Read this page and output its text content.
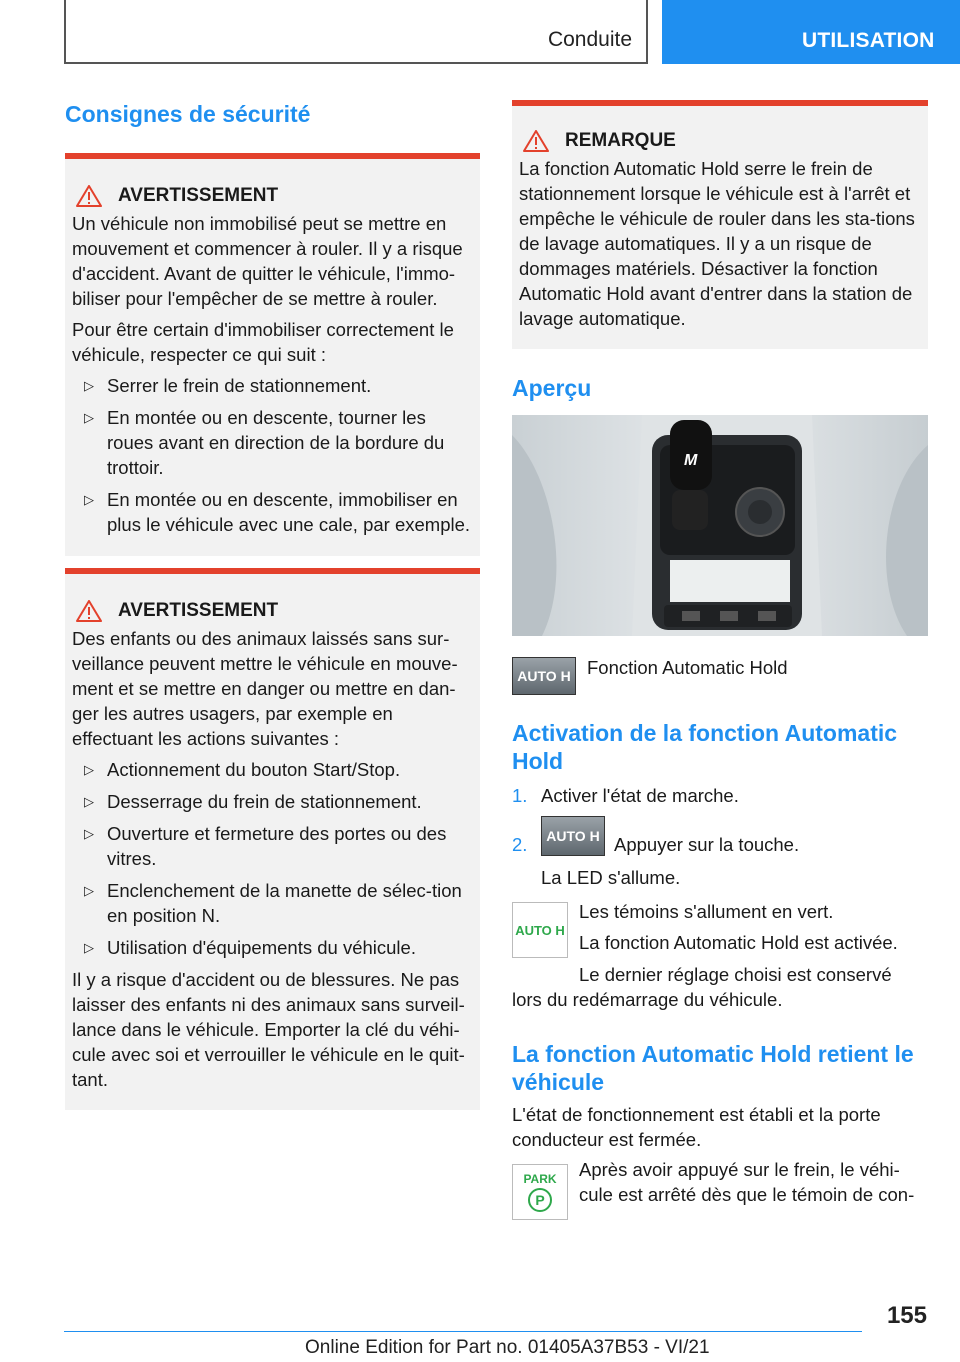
Conduite	UTILISATION
Consignes de sécurité
AVERTISSEMENT

Un véhicule non immobilisé peut se mettre en mouvement et commencer à rouler. Il y a risque d'accident. Avant de quitter le véhicule, l'immo-biliser pour l'empêcher de se mettre à rouler.

Pour être certain d'immobiliser correctement le véhicule, respecter ce qui suit :

▷ Serrer le frein de stationnement.
▷ En montée ou en descente, tourner les roues avant en direction de la bordure du trottoir.
▷ En montée ou en descente, immobiliser en plus le véhicule avec une cale, par exemple.
AVERTISSEMENT

Des enfants ou des animaux laissés sans sur-veillance peuvent mettre le véhicule en mouve-ment et se mettre en danger ou mettre en dan-ger les autres usagers, par exemple en effectuant les actions suivantes :

▷ Actionnement du bouton Start/Stop.
▷ Desserrage du frein de stationnement.
▷ Ouverture et fermeture des portes ou des vitres.
▷ Enclenchement de la manette de sélec-tion en position N.
▷ Utilisation d'équipements du véhicule.

Il y a risque d'accident ou de blessures. Ne pas laisser des enfants ni des animaux sans surveil-lance dans le véhicule. Emporter la clé du véhi-cule avec soi et verrouiller le véhicule en le quit-tant.

REMARQUE

La fonction Automatic Hold serre le frein de stationnement lorsque le véhicule est à l'arrêt et empêche le véhicule de rouler dans les sta-tions de lavage automatiques. Il y a un risque de dommages matériels. Désactiver la fonction Automatic Hold avant d'entrer dans la station de lavage automatique.

Aperçu
M
AUTO H Fonction Automatic Hold
Activation de la fonction Automatic Hold
1. Activer l'état de marche.
2.	AUTO H Appuyer sur la touche.
La LED s'allume.
AUTO H
Les témoins s'allument en vert.
La fonction Automatic Hold est activée.
Le dernier réglage choisi est conservé
lors du redémarrage du véhicule.
La fonction Automatic Hold retient le véhicule
L'état de fonctionnement est établi et la porte conducteur est fermée.
PARK
P
Après avoir appuyé sur le frein, le véhi-cule est arrêté dès que le témoin de con-
155
Online Edition for Part no. 01405A37B53 - VI/21
